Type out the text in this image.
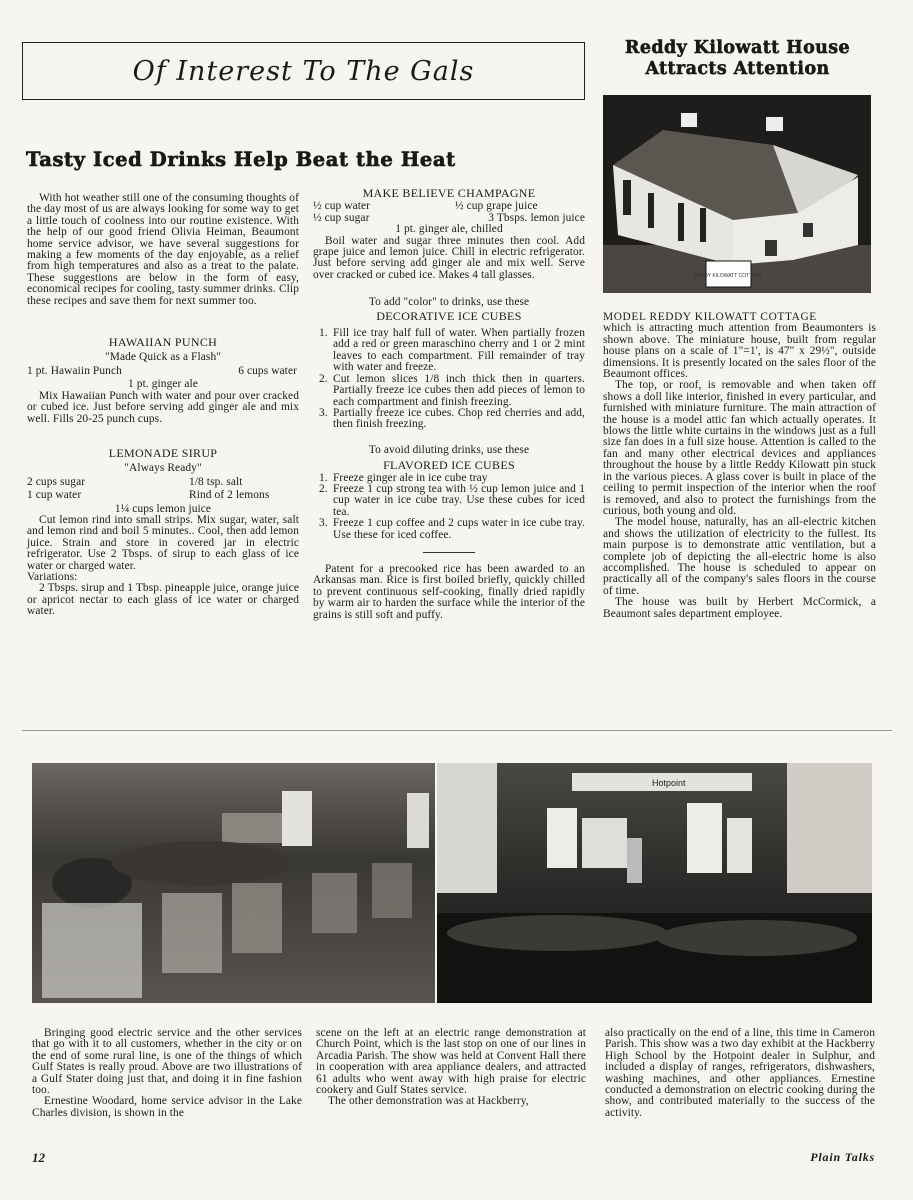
Of Interest To The Gals
Tasty Iced Drinks Help Beat the Heat

With hot weather still one of the consuming thoughts of the day most of us are always looking for some way to get a little touch of coolness into our routine existence. With the help of our good friend Olivia Heiman, Beaumont home service advisor, we have several suggestions for making a few moments of the day enjoyable, as a relief from high temperatures and also as a treat to the palate. These suggestions are below in the form of easy, economical recipes for cooling, tasty summer drinks. Clip these recipes and save them for next summer too.

HAWAIIAN PUNCH
"Made Quick as a Flash"
1 pt. Hawaiin Punch	6 cups water
1 pt. ginger ale

Mix Hawaiian Punch with water and pour over cracked or cubed ice. Just before serving add ginger ale and mix well. Fills 20-25 punch cups.

LEMONADE SIRUP
"Always Ready"
2 cups sugar	1/8 tsp. salt
1 cup water	Rind of 2 lemons
1¼ cups lemon juice

Cut lemon rind into small strips. Mix sugar, water, salt and lemon rind and boil 5 minutes.. Cool, then add lemon juice. Strain and store in covered jar in electric refrigerator. Use 2 Tbsps. of sirup to each glass of ice water or charged water.

Variations:

2 Tbsps. sirup and 1 Tbsp. pineapple juice, orange juice or apricot nectar to each glass of ice water or charged water.

MAKE BELIEVE CHAMPAGNE
½ cup water	½ cup grape juice
½ cup sugar	3 Tbsps. lemon juice
1 pt. ginger ale, chilled

Boil water and sugar three minutes then cool. Add grape juice and lemon juice. Chill in electric refrigerator. Just before serving add ginger ale and mix well. Serve over cracked or cubed ice. Makes 4 tall glasses.

To add "color" to drinks, use these
DECORATIVE ICE CUBES
1. Fill ice tray half full of water. When partially frozen add a red or green maraschino cherry and 1 or 2 mint leaves to each compartment. Fill remainder of tray with water and freeze.
2. Cut lemon slices 1/8 inch thick then in quarters. Partially freeze ice cubes then add pieces of lemon to each compartment and finish freezing.
3. Partially freeze ice cubes. Chop red cherries and add, then finish freezing.
To avoid diluting drinks, use these
FLAVORED ICE CUBES
1. Freeze ginger ale in ice cube tray
2. Freeze 1 cup strong tea with ½ cup lemon juice and 1 cup water in ice cube tray. Use these cubes for iced tea.
3. Freeze 1 cup coffee and 2 cups water in ice cube tray. Use these for iced coffee.

Patent for a precooked rice has been awarded to an Arkansas man. Rice is first boiled briefly, quickly chilled to prevent continuous self-cooking, finally dried rapidly by warm air to harden the surface while the interior of the grains is still soft and puffy.

Reddy Kilowatt House
Attracts Attention
REDDY KILOWATT COTTAGE
MODEL REDDY KILOWATT COTTAGE
which is attracting much attention from Beaumonters is shown above. The miniature house, built from regular house plans on a scale of 1"=1', is 47" x 29½", outside dimensions. It is presently located on the sales floor of the Beaumont offices.

The top, or roof, is removable and when taken off shows a doll like interior, finished in every particular, and furnished with miniature furniture. The main attraction of the house is a model attic fan which actually operates. It blows the little white curtains in the windows just as a full size fan does in a full size house. Attention is called to the fan and many other electrical devices and appliances throughout the house by a little Reddy Kilowatt pin stuck in the various pieces. A glass cover is built in place of the ceiling to permit inspection of the interior when the roof is removed, and also to protect the furnishings from the curious, both young and old.

The model house, naturally, has an all-electric kitchen and shows the utilization of electricity to the fullest. Its main purpose is to demonstrate attic ventilation, but a complete job of depicting the all-electric home is also accomplished. The house is scheduled to appear on practically all of the company's sales floors in the course of time.

The house was built by Herbert McCormick, a Beaumont sales department employee.

Hotpoint

Bringing good electric service and the other services that go with it to all customers, whether in the city or on the end of some rural line, is one of the things of which Gulf States is really proud. Above are two illustrations of a Gulf Stater doing just that, and doing it in fine fashion too.

Ernestine Woodard, home service advisor in the Lake Charles division, is shown in the

scene on the left at an electric range demonstration at Church Point, which is the last stop on one of our lines in Arcadia Parish. The show was held at Convent Hall there in cooperation with area appliance dealers, and attracted 61 adults who went away with high praise for electric cookery and Gulf States service.

The other demonstration was at Hackberry,

also practically on the end of a line, this time in Cameron Parish. This show was a two day exhibit at the Hackberry High School by the Hotpoint dealer in Sulphur, and included a display of ranges, refrigerators, dishwashers, washing machines, and other appliances. Ernestine conducted a demonstration on electric cooking during the show, and contributed materially to the success of the activity.
12	Plain Talks
